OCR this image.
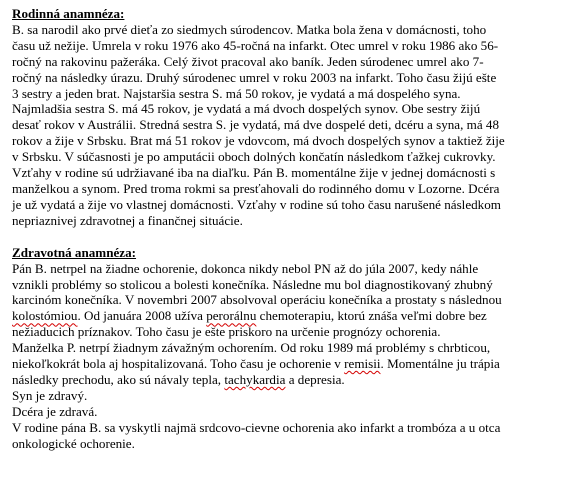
Rodinná anamnéza:
B. sa narodil ako prvé dieťa zo siedmych súrodencov. Matka bola žena v domácnosti, toho
času už nežije. Umrela v roku 1976 ako 45-ročná na infarkt. Otec umrel v roku 1986 ako 56-
ročný na rakovinu pažeráka. Celý život pracoval ako baník. Jeden súrodenec umrel ako 7-
ročný na následky úrazu. Druhý súrodenec umrel v roku 2003 na infarkt. Toho času žijú ešte
3 sestry a jeden brat. Najstaršia sestra S. má 50 rokov, je vydatá a má dospelého syna.
Najmladšia sestra S. má 45 rokov, je vydatá a má dvoch dospelých synov. Obe sestry žijú
desať rokov v Austrálii. Stredná sestra S. je vydatá, má dve dospelé deti, dcéru a syna, má 48
rokov a žije v Srbsku. Brat má 51 rokov je vdovcom, má dvoch dospelých synov a taktiež žije
v Srbsku. V súčasnosti je po amputácii oboch dolných končatín následkom ťažkej cukrovky.
Vzťahy v rodine sú udržiavané iba na diaľku. Pán B. momentálne žije v jednej domácnosti s
manželkou a synom. Pred troma rokmi sa presťahovali do rodinného domu v Lozorne. Dcéra
je už vydatá a žije vo vlastnej domácnosti. Vzťahy v rodine sú toho času narušené následkom
nepriaznivej zdravotnej a finančnej situácie.
Zdravotná anamnéza:
Pán B. netrpel na žiadne ochorenie, dokonca nikdy nebol PN až do júla 2007, kedy náhle
vznikli problémy so stolicou a bolesti konečníka. Následne mu bol diagnostikovaný zhubný
karcinóm konečníka. V novembri 2007 absolvoval operáciu konečníka a prostaty s následnou
kolostómiou. Od januára 2008 užíva perorálnu chemoterapiu, ktorú znáša veľmi dobre bez
nežiaducich príznakov. Toho času je ešte priskoro na určenie prognózy ochorenia.
Manželka P. netrpí žiadnym závažným ochorením. Od roku 1989 má problémy s chrbticou,
niekoľkokrát bola aj hospitalizovaná. Toho času je ochorenie v remisii. Momentálne ju trápia
následky prechodu, ako sú návaly tepla, tachykardia a depresia.
Syn je zdravý.
Dcéra je zdravá.
V rodine pána B. sa vyskytli najmä srdcovo-cievne ochorenia ako infarkt a trombóza a u otca
onkologické ochorenie.
